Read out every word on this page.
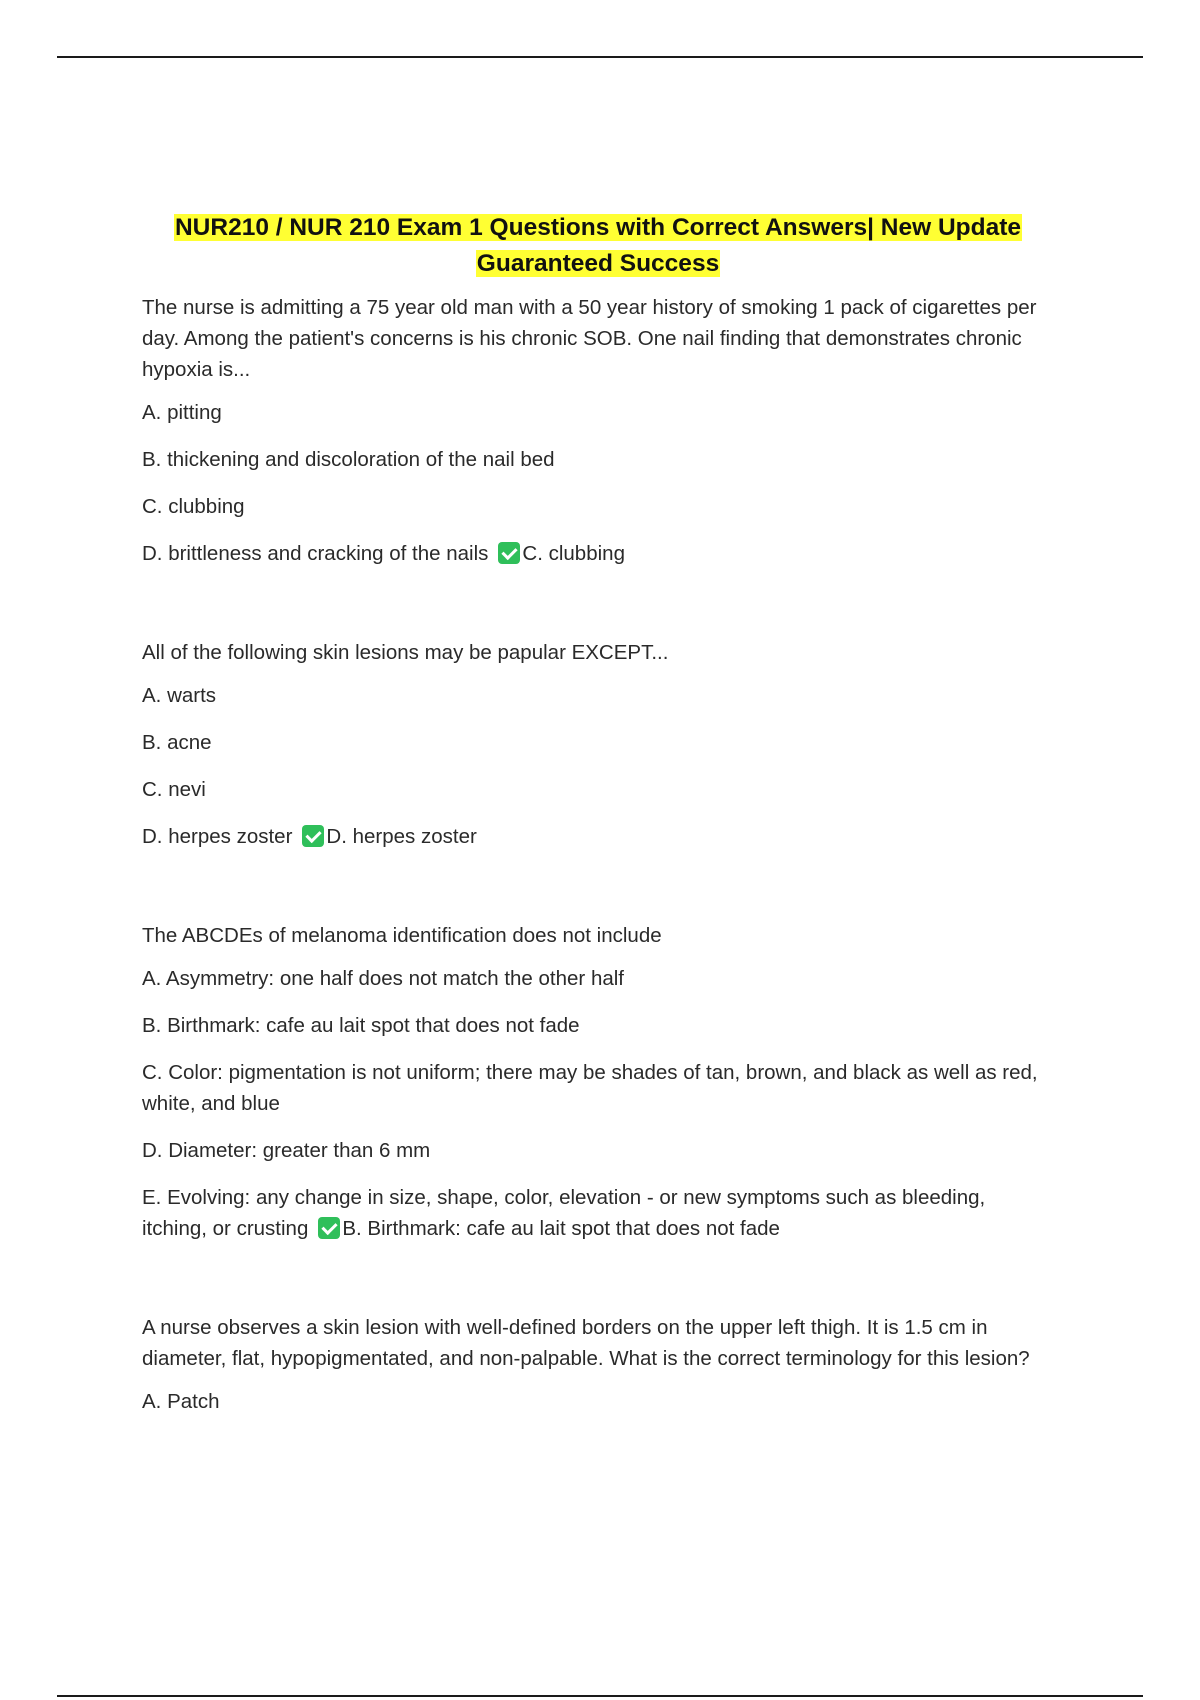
NUR210 / NUR 210 Exam 1 Questions with Correct Answers| New Update
Guaranteed Success

The nurse is admitting a 75 year old man with a 50 year history of smoking 1 pack of cigarettes per day. Among the patient's concerns is his chronic SOB. One nail finding that demonstrates chronic hypoxia is...

A. pitting

B. thickening and discoloration of the nail bed

C. clubbing

D. brittleness and cracking of the nails C. clubbing

All of the following skin lesions may be papular EXCEPT...

A. warts

B. acne

C. nevi

D. herpes zoster D. herpes zoster

The ABCDEs of melanoma identification does not include

A. Asymmetry: one half does not match the other half

B. Birthmark: cafe au lait spot that does not fade

C. Color: pigmentation is not uniform; there may be shades of tan, brown, and black as well as red, white, and blue

D. Diameter: greater than 6 mm

E. Evolving: any change in size, shape, color, elevation - or new symptoms such as bleeding, itching, or crusting B. Birthmark: cafe au lait spot that does not fade

A nurse observes a skin lesion with well-defined borders on the upper left thigh. It is 1.5 cm in diameter, flat, hypopigmentated, and non-palpable. What is the correct terminology for this lesion?

A. Patch
